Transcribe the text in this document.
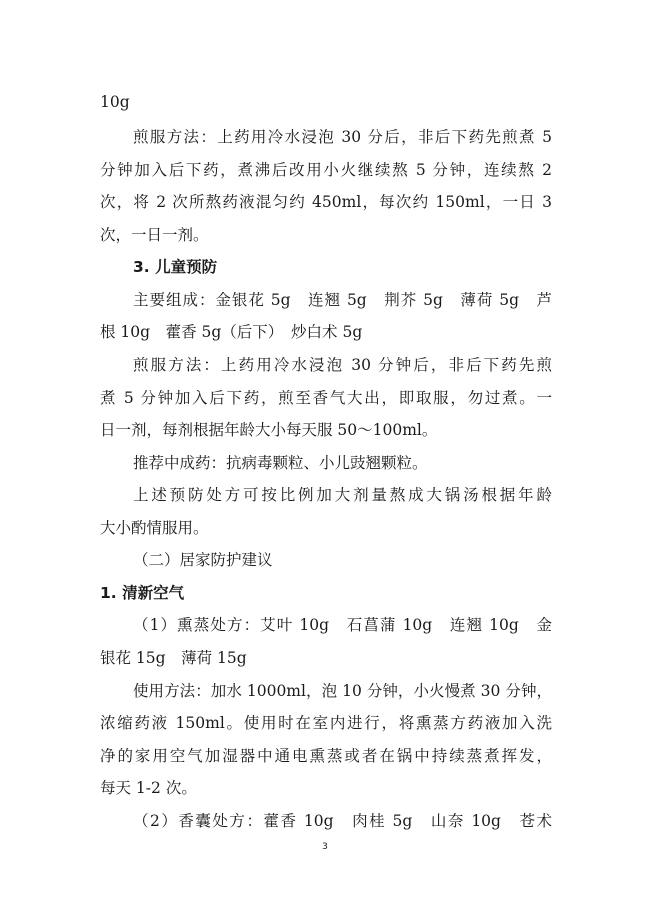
10g
煎服方法：上药用冷水浸泡 30 分后，非后下药先煎煮 5
分钟加入后下药，煮沸后改用小火继续熬 5 分钟，连续熬 2
次，将 2 次所熬药液混匀约 450ml，每次约 150ml，一日 3
次，一日一剂。
3. 儿童预防
主要组成：金银花 5g　连翘 5g　荆芥 5g　薄荷 5g　芦
根 10g　藿香 5g（后下）　炒白术 5g
煎服方法：上药用冷水浸泡 30 分钟后，非后下药先煎
煮 5 分钟加入后下药，煎至香气大出，即取服，勿过煮。一
日一剂，每剂根据年龄大小每天服 50～100ml。
推荐中成药：抗病毒颗粒、小儿豉翘颗粒。
上述预防处方可按比例加大剂量熬成大锅汤根据年龄
大小酌情服用。
（二）居家防护建议
1. 清新空气
（1）熏蒸处方：艾叶 10g　石菖蒲 10g　连翘 10g　金
银花 15g　薄荷 15g
使用方法：加水 1000ml，泡 10 分钟，小火慢煮 30 分钟，
浓缩药液 150ml。使用时在室内进行，将熏蒸方药液加入洗
净的家用空气加湿器中通电熏蒸或者在锅中持续蒸煮挥发，
每天 1-2 次。
（2）香囊处方：藿香 10g　肉桂 5g　山奈 10g　苍术
3
